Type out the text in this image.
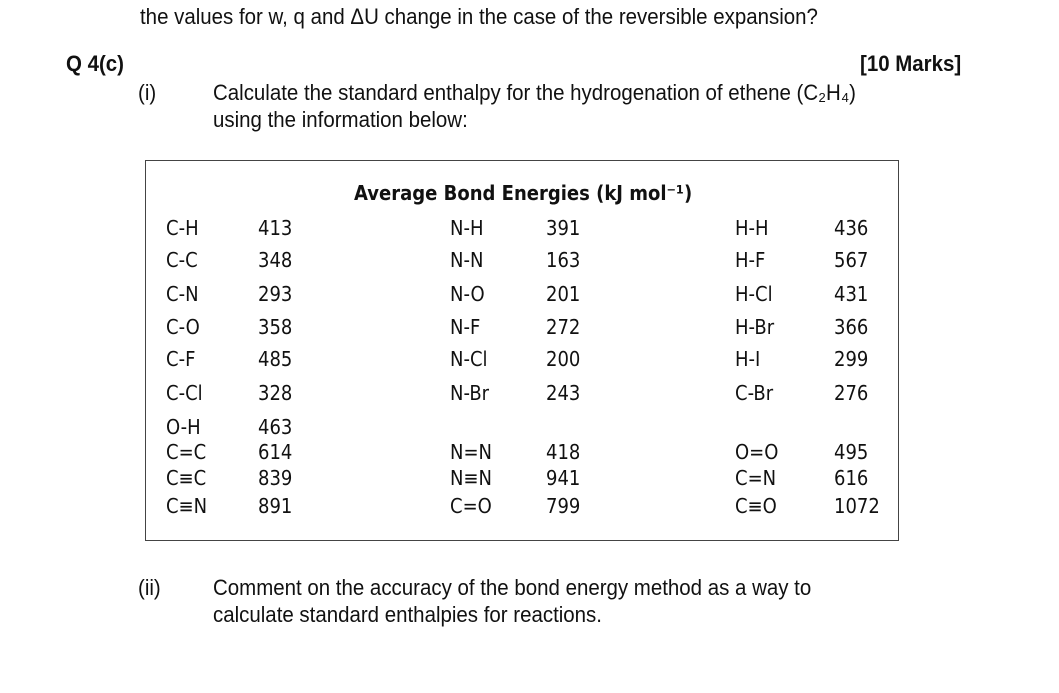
the values for w, q and ΔU change in the case of the reversible expansion?
Q 4(c)	[10 Marks]
(i)	Calculate the standard enthalpy for the hydrogenation of ethene (C₂H₄)
using the information below:
Average Bond Energies (kJ mol⁻¹)
C-H	413	N-H	391	H-H	436
C-C	348	N-N	163	H-F	567
C-N	293	N-O	201	H-Cl	431
C-O	358	N-F	272	H-Br	366
C-F	485	N-Cl	200	H-I	299
C-Cl	328	N-Br	243	C-Br	276
O-H	463
C=C	614	N=N	418	O=O	495
C≡C	839	N≡N	941	C=N	616
C≡N	891	C=O	799	C≡O	1072
(ii) Comment on the accuracy of the bond energy method as a way to
calculate standard enthalpies for reactions.
